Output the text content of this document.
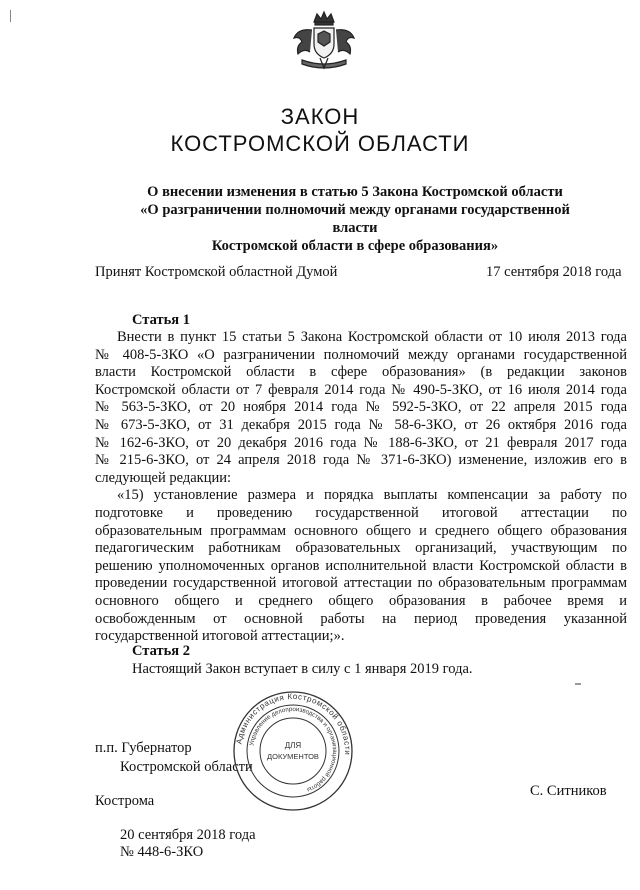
ЗАКОН
КОСТРОМСКОЙ ОБЛАСТИ
О внесении изменения в статью 5 Закона Костромской области
«О разграничении полномочий между органами государственной власти
Костромской области в сфере образования»
Принят Костромской областной Думой	17 сентября 2018 года
Статья 1
Внести в пункт 15 статьи 5 Закона Костромской области от 10 июля 2013 года
№ 408-5-ЗКО «О разграничении полномочий между органами государственной
власти Костромской области в сфере образования» (в редакции законов
Костромской области от 7 февраля 2014 года № 490-5-ЗКО, от 16 июля 2014 года
№ 563-5-ЗКО, от 20 ноября 2014 года № 592-5-ЗКО, от 22 апреля 2015 года
№ 673-5-ЗКО, от 31 декабря 2015 года № 58-6-ЗКО, от 26 октября 2016 года
№ 162-6-ЗКО, от 20 декабря 2016 года № 188-6-ЗКО, от 21 февраля 2017 года
№ 215-6-ЗКО, от 24 апреля 2018 года № 371-6-ЗКО) изменение, изложив его в
следующей редакции:
«15) установление размера и порядка выплаты компенсации за работу по
подготовке и проведению государственной итоговой аттестации по
образовательным программам основного общего и среднего общего образования
педагогическим работникам образовательных организаций, участвующим по
решению уполномоченных органов исполнительной власти Костромской области в
проведении государственной итоговой аттестации по образовательным программам
основного общего и среднего общего образования в рабочее время и
освобожденным от основной работы на период проведения указанной
государственной итоговой аттестации;».
Статья 2
Настоящий Закон вступает в силу с 1 января 2019 года.
п.п. Губернатор
Костромской области
С. Ситников
Кострома
20 сентября 2018 года
№ 448-6-ЗКО
Администрация Костромской области
Управление делопроизводства и организационной работы
ДЛЯ
ДОКУМЕНТОВ
